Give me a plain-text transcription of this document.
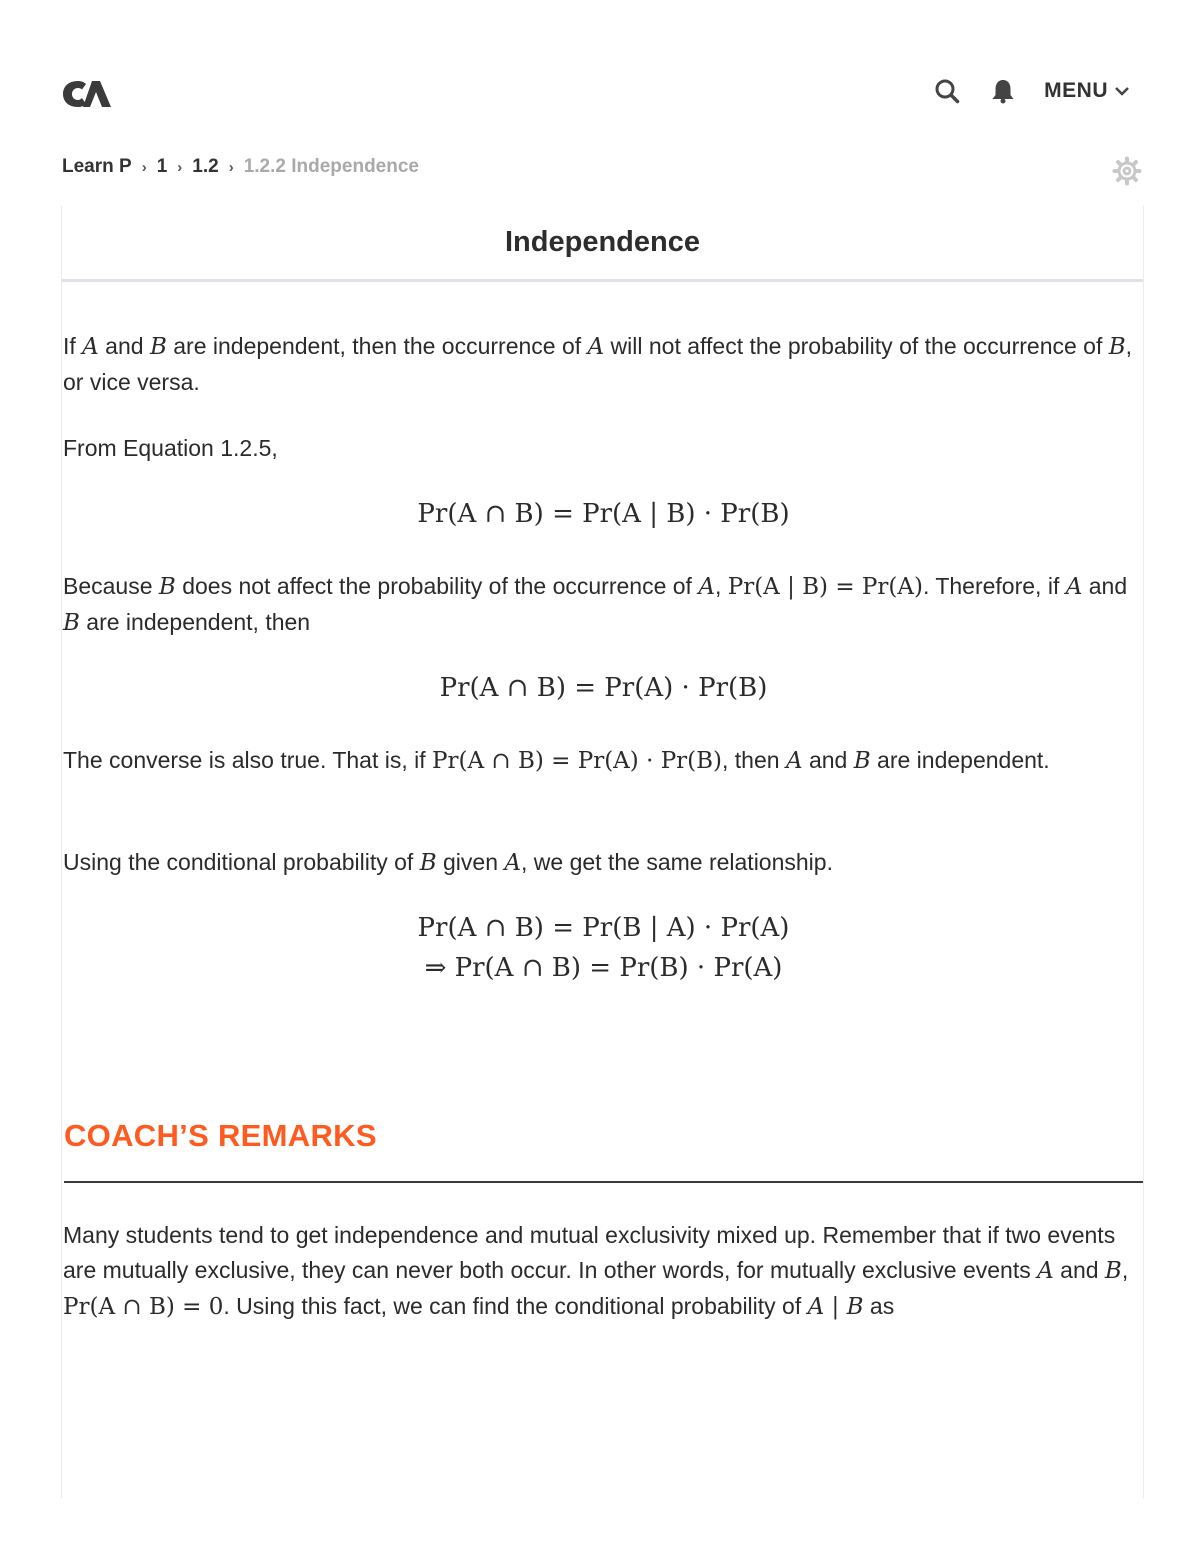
MENU
Learn P › 1 › 1.2 › 1.2.2 Independence
Independence

If A and B are independent, then the occurrence of A will not affect the probability of the occurrence of B, or vice versa.

From Equation 1.2.5,

Pr(A ∩ B) = Pr(A | B) · Pr(B)

Because B does not affect the probability of the occurrence of A, Pr(A | B) = Pr(A). Therefore, if A and B are independent, then

Pr(A ∩ B) = Pr(A) · Pr(B)

The converse is also true. That is, if Pr(A ∩ B) = Pr(A) · Pr(B), then A and B are independent.

Using the conditional probability of B given A, we get the same relationship.

Pr(A ∩ B) = Pr(B | A) · Pr(A)
⇒ Pr(A ∩ B) = Pr(B) · Pr(A)
COACH’S REMARKS

Many students tend to get independence and mutual exclusivity mixed up. Remember that if two events are mutually exclusive, they can never both occur. In other words, for mutually exclusive events A and B, Pr(A ∩ B) = 0. Using this fact, we can find the conditional probability of A | B as
